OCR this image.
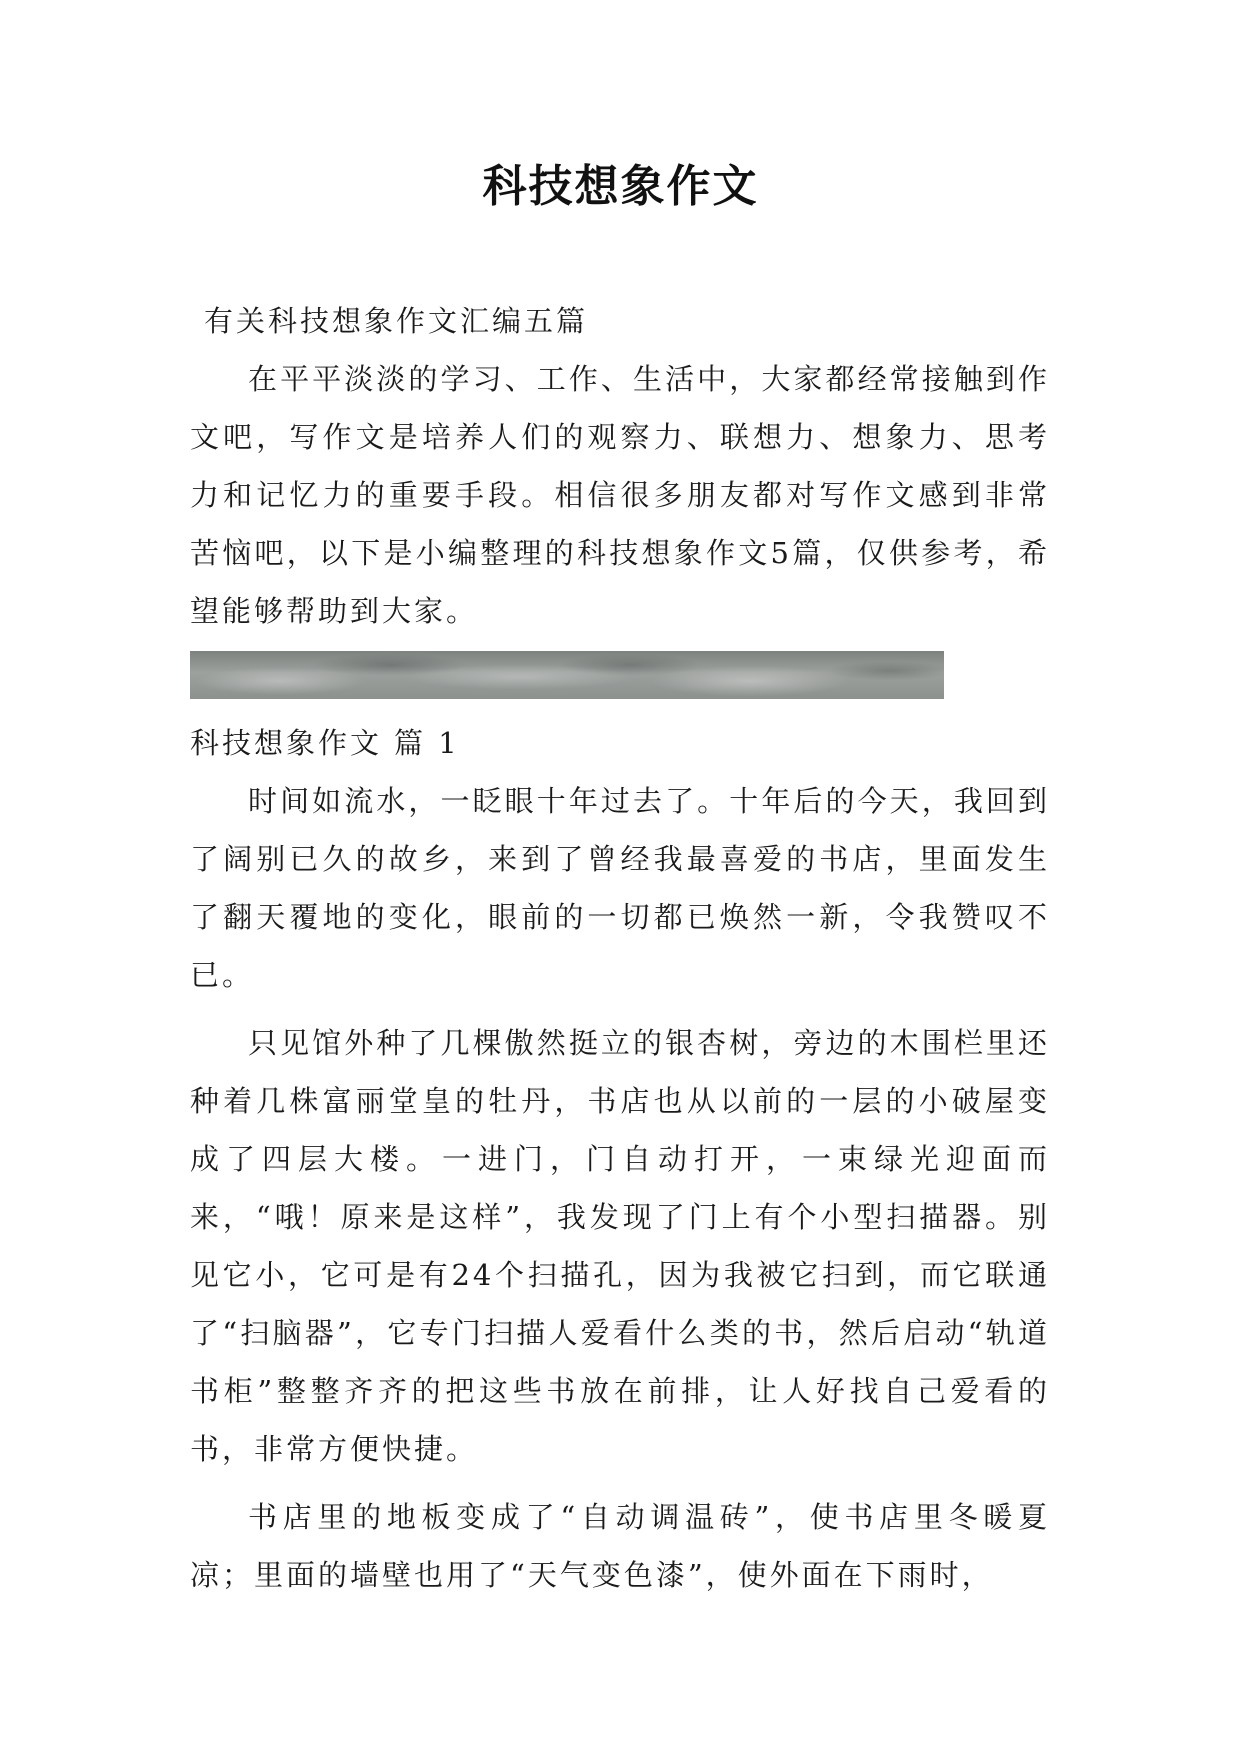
科技想象作文

有关科技想象作文汇编五篇

在平平淡淡的学习、工作、生活中，大家都经常接触到作文吧，写作文是培养人们的观察力、联想力、想象力、思考力和记忆力的重要手段。相信很多朋友都对写作文感到非常苦恼吧，以下是小编整理的科技想象作文5篇，仅供参考，希望能够帮助到大家。

科技想象作文 篇 1

时间如流水，一眨眼十年过去了。十年后的今天，我回到了阔别已久的故乡，来到了曾经我最喜爱的书店，里面发生了翻天覆地的变化，眼前的一切都已焕然一新，令我赞叹不已。

只见馆外种了几棵傲然挺立的银杏树，旁边的木围栏里还种着几株富丽堂皇的牡丹，书店也从以前的一层的小破屋变成了四层大楼。一进门，门自动打开，一束绿光迎面而来，“哦！原来是这样”，我发现了门上有个小型扫描器。别见它小，它可是有24个扫描孔，因为我被它扫到，而它联通了“扫脑器”，它专门扫描人爱看什么类的书，然后启动“轨道书柜”整整齐齐的把这些书放在前排，让人好找自己爱看的书，非常方便快捷。

书店里的地板变成了“自动调温砖”，使书店里冬暖夏凉；里面的墙壁也用了“天气变色漆”，使外面在下雨时，
